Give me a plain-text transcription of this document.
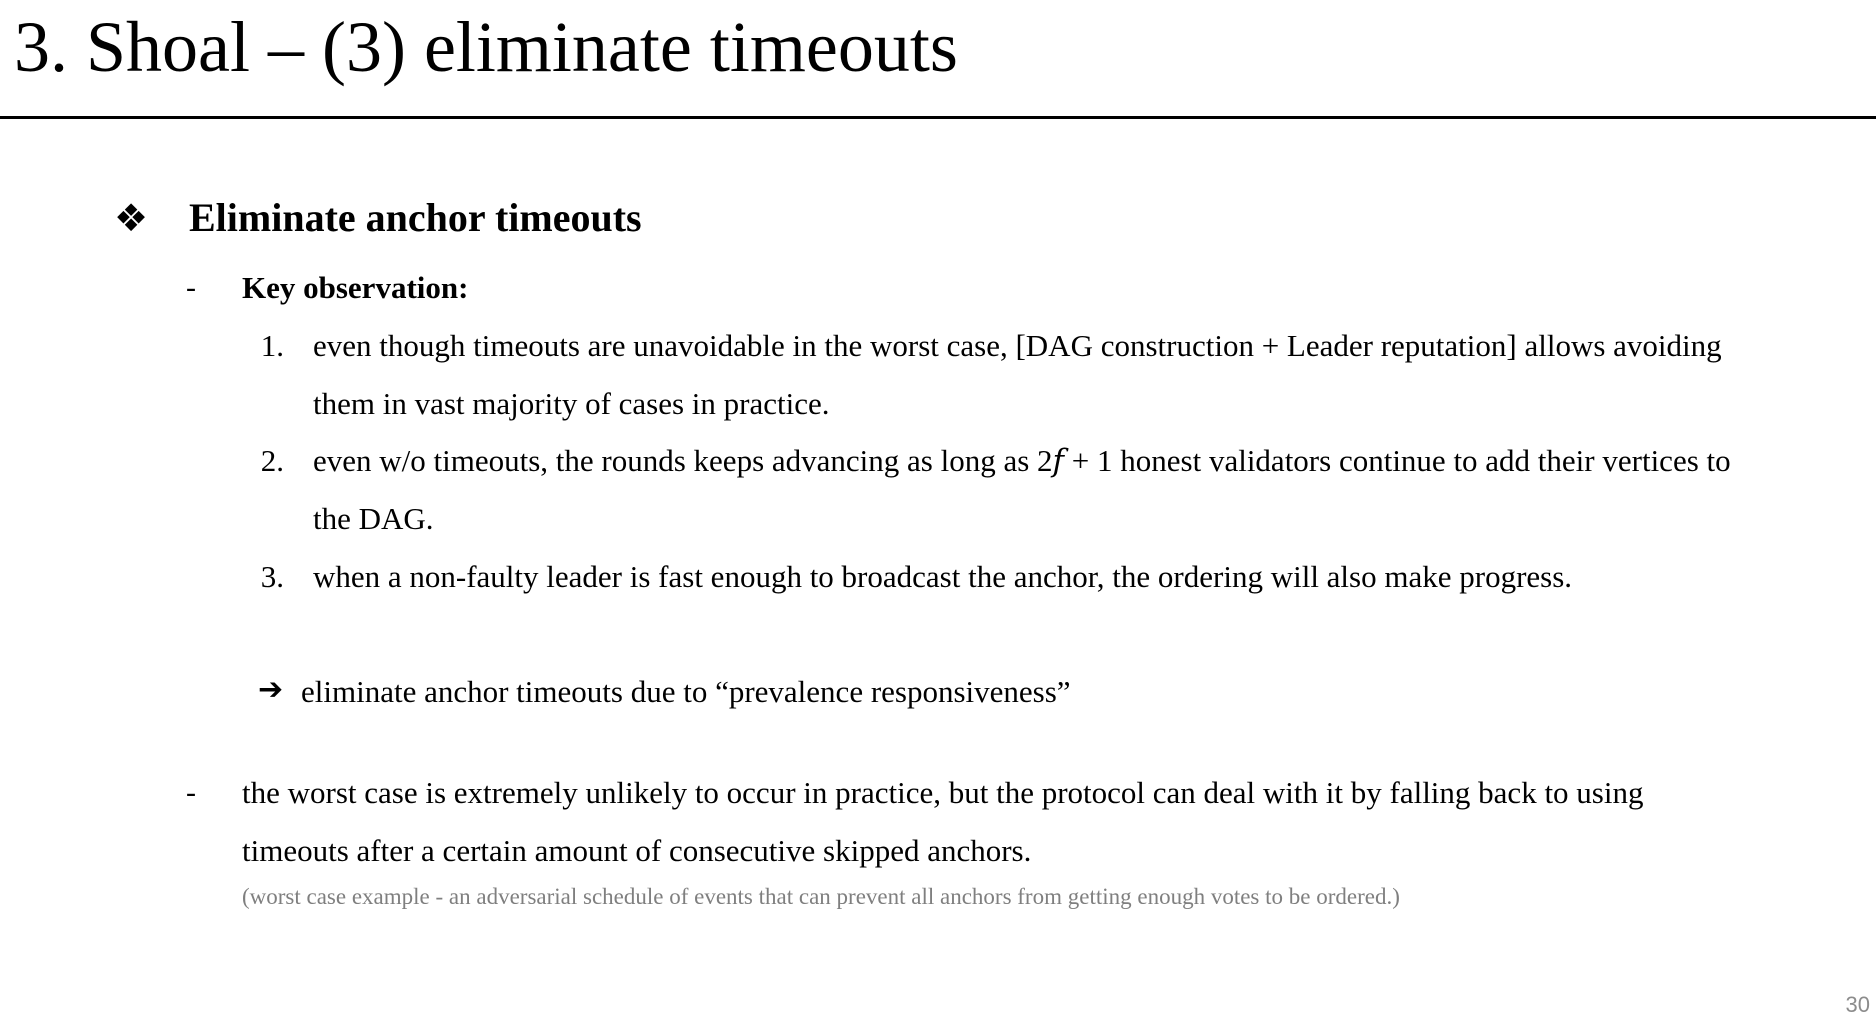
3. Shoal – (3) eliminate timeouts
❖ Eliminate anchor timeouts
- Key observation:
1. even though timeouts are unavoidable in the worst case, [DAG construction + Leader reputation] allows avoiding
them in vast majority of cases in practice.
2. even w/o timeouts, the rounds keeps advancing as long as 2f + 1 honest validators continue to add their vertices to
the DAG.
3. when a non-faulty leader is fast enough to broadcast the anchor, the ordering will also make progress.
➔ eliminate anchor timeouts due to “prevalence responsiveness”
- the worst case is extremely unlikely to occur in practice, but the protocol can deal with it by falling back to using
timeouts after a certain amount of consecutive skipped anchors.
(worst case example - an adversarial schedule of events that can prevent all anchors from getting enough votes to be ordered.)
30
